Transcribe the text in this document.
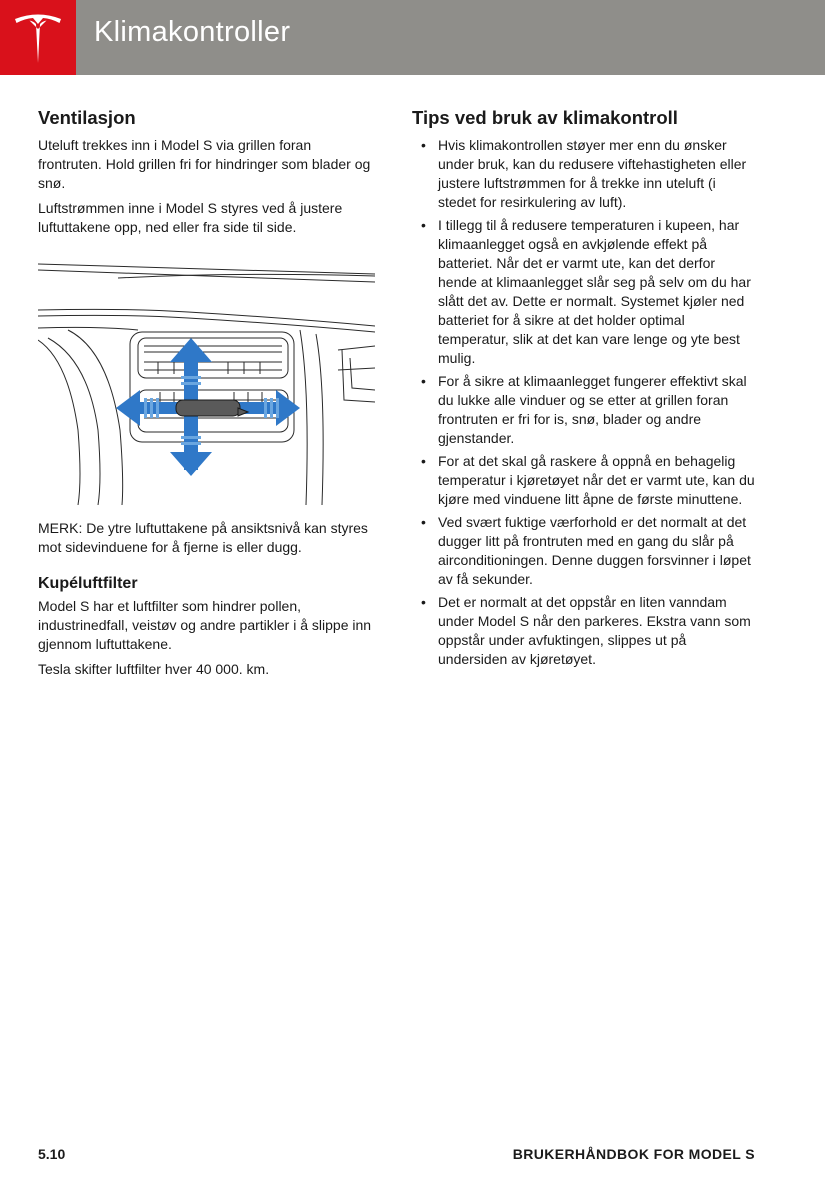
Klimakontroller
Ventilasjon

Uteluft trekkes inn i Model S via grillen foran frontruten. Hold grillen fri for hindringer som blader og snø.

Luftstrømmen inne i Model S styres ved å justere luftuttakene opp, ned eller fra side til side.

MERK: De ytre luftuttakene på ansiktsnivå kan styres mot sidevinduene for å fjerne is eller dugg.

Kupéluftfilter

Model S har et luftfilter som hindrer pollen, industrinedfall, veistøv og andre partikler i å slippe inn gjennom luftuttakene.

Tesla skifter luftfilter hver 40 000. km.

Tips ved bruk av klimakontroll
• Hvis klimakontrollen støyer mer enn du ønsker under bruk, kan du redusere viftehastigheten eller justere luftstrømmen for å trekke inn uteluft (i stedet for resirkulering av luft).
• I tillegg til å redusere temperaturen i kupeen, har klimaanlegget også en avkjølende effekt på batteriet. Når det er varmt ute, kan det derfor hende at klimaanlegget slår seg på selv om du har slått det av. Dette er normalt. Systemet kjøler ned batteriet for å sikre at det holder optimal temperatur, slik at det kan vare lenge og yte best mulig.
• For å sikre at klimaanlegget fungerer effektivt skal du lukke alle vinduer og se etter at grillen foran frontruten er fri for is, snø, blader og andre gjenstander.
• For at det skal gå raskere å oppnå en behagelig temperatur i kjøretøyet når det er varmt ute, kan du kjøre med vinduene litt åpne de første minuttene.
• Ved svært fuktige værforhold er det normalt at det dugger litt på frontruten med en gang du slår på airconditioningen. Denne duggen forsvinner i løpet av få sekunder.
• Det er normalt at det oppstår en liten vanndam under Model S når den parkeres. Ekstra vann som oppstår under avfuktingen, slippes ut på undersiden av kjøretøyet.
5.10	BRUKERHÅNDBOK FOR MODEL S
